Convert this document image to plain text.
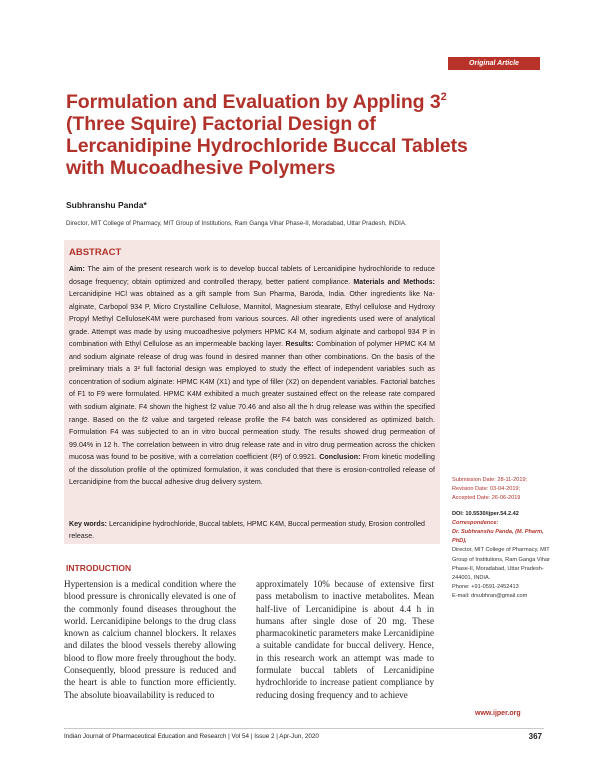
Original Article
Formulation and Evaluation by Appling $3^2$ (Three Squire) Factorial Design of Lercanidipine Hydrochloride Buccal Tablets with Mucoadhesive Polymers
Subhranshu Panda*
Director, MIT College of Pharmacy, MIT Group of Institutions, Ram Ganga Vihar Phase-II, Moradabad, Uttar Pradesh, INDIA.
ABSTRACT
Aim: The aim of the present research work is to develop buccal tablets of Lercanidipine hydrochloride to reduce dosage frequency; obtain optimized and controlled therapy, better patient compliance. Materials and Methods: Lercanidipine HCl was obtained as a gift sample from Sun Pharma, Baroda, India. Other ingredients like Na-alginate, Carbopol 934 P, Micro Crystalline Cellulose, Mannitol, Magnesium stearate, Ethyl cellulose and Hydroxy Propyl Methyl CelluloseK4M were purchased from various sources. All other ingredients used were of analytical grade. Attempt was made by using mucoadhesive polymers HPMC K4 M, sodium alginate and carbopol 934 P in combination with Ethyl Cellulose as an impermeable backing layer. Results: Combination of polymer HPMC K4 M and sodium alginate release of drug was found in desired manner than other combinations. On the basis of the preliminary trials a 3² full factorial design was employed to study the effect of independent variables such as concentration of sodium alginate: HPMC K4M (X1) and type of filler (X2) on dependent variables. Factorial batches of F1 to F9 were formulated. HPMC K4M exhibited a much greater sustained effect on the release rate compared with sodium alginate. F4 shown the highest f2 value 70.46 and also all the h drug release was within the specified range. Based on the f2 value and targeted release profile the F4 batch was considered as optimized batch. Formulation F4 was subjected to an in vitro buccal permeation study. The results showed drug permeation of 99.04% in 12 h. The correlation between in vitro drug release rate and in vitro drug permeation across the chicken mucosa was found to be positive, with a correlation coefficient (R²) of 0.9921. Conclusion: From kinetic modelling of the dissolution profile of the optimized formulation, it was concluded that there is erosion-controlled release of Lercanidipine from the buccal adhesive drug delivery system.
Key words: Lercanidipine hydrochloride, Buccal tablets, HPMC K4M, Buccal permeation study, Erosion controlled release.
Submission Date: 28-11-2019;
Revision Date: 03-04-2019;
Accepted Date: 26-06-2019
DOI: 10.5530/ijper.54.2.42
Correspondence:
Dr. Subhranshu Panda, (M. Pharm, PhD),
Director, MIT College of Pharmacy, MIT Group of Institutions, Ram Ganga Vihar Phase-II, Moradabad, Uttar Pradesh-244001, INDIA.
Phone: +91-0591-2452413
E-mail: drsubhran@gmail.com
INTRODUCTION
Hypertension is a medical condition where the blood pressure is chronically elevated is one of the commonly found diseases throughout the world. Lercanidipine belongs to the drug class known as calcium channel blockers. It relaxes and dilates the blood vessels thereby allowing blood to flow more freely throughout the body. Consequently, blood pressure is reduced and the heart is able to function more efficiently. The absolute bioavailability is reduced to
approximately 10% because of extensive first pass metabolism to inactive metabolites. Mean half-live of Lercanidipine is about 4.4 h in humans after single dose of 20 mg. These pharmacokinetic parameters make Lercanidipine a suitable candidate for buccal delivery. Hence, in this research work an attempt was made to formulate buccal tablets of Lercanidipine hydrochloride to increase patient compliance by reducing dosing frequency and to achieve
www.ijper.org
Indian Journal of Pharmaceutical Education and Research | Vol 54 | Issue 2 | Apr-Jun, 2020	367
